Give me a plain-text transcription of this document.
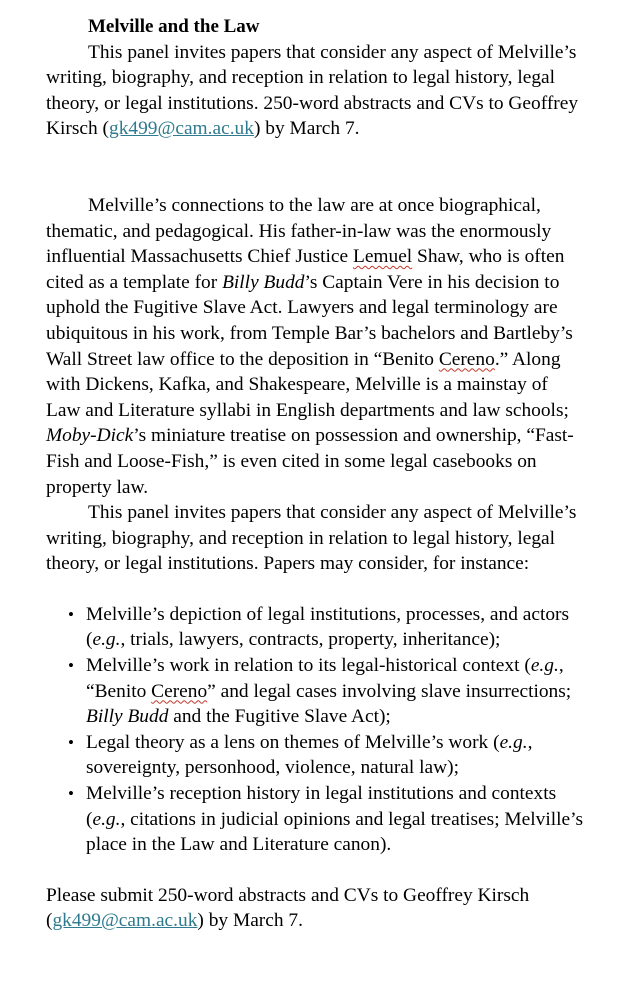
Melville and the Law

This panel invites papers that consider any aspect of Melville’s writing, biography, and reception in relation to legal history, legal theory, or legal institutions. 250-word abstracts and CVs to Geoffrey Kirsch (gk499@cam.ac.uk) by March 7.

Melville’s connections to the law are at once biographical, thematic, and pedagogical. His father-in-law was the enormously influential Massachusetts Chief Justice Lemuel Shaw, who is often cited as a template for Billy Budd’s Captain Vere in his decision to uphold the Fugitive Slave Act. Lawyers and legal terminology are ubiquitous in his work, from Temple Bar’s bachelors and Bartleby’s Wall Street law office to the deposition in “Benito Cereno.” Along with Dickens, Kafka, and Shakespeare, Melville is a mainstay of Law and Literature syllabi in English departments and law schools; Moby-Dick’s miniature treatise on possession and ownership, “Fast-Fish and Loose-Fish,” is even cited in some legal casebooks on property law.

This panel invites papers that consider any aspect of Melville’s writing, biography, and reception in relation to legal history, legal theory, or legal institutions. Papers may consider, for instance:

• Melville’s depiction of legal institutions, processes, and actors (e.g., trials, lawyers, contracts, property, inheritance);
• Melville’s work in relation to its legal-historical context (e.g., “Benito Cereno” and legal cases involving slave insurrections; Billy Budd and the Fugitive Slave Act);
• Legal theory as a lens on themes of Melville’s work (e.g., sovereignty, personhood, violence, natural law);
• Melville’s reception history in legal institutions and contexts (e.g., citations in judicial opinions and legal treatises; Melville’s place in the Law and Literature canon).

Please submit 250-word abstracts and CVs to Geoffrey Kirsch (gk499@cam.ac.uk) by March 7.
